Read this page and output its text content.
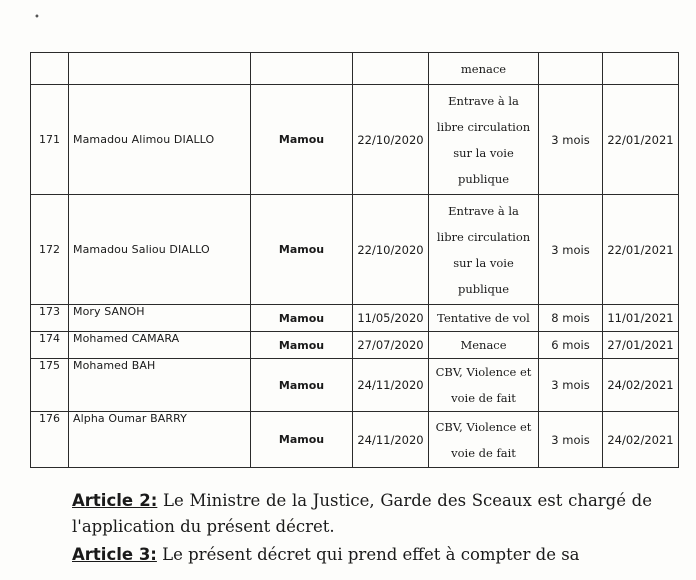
•
				menace		
171	Mamadou Alimou DIALLO	Mamou	22/10/2020	Entrave à la libre circulation sur la voie publique	3 mois	22/01/2021
172	Mamadou Saliou DIALLO	Mamou	22/10/2020	Entrave à la libre circulation sur la voie publique	3 mois	22/01/2021
173	Mory SANOH	Mamou	11/05/2020	Tentative de vol	8 mois	11/01/2021
174	Mohamed CAMARA	Mamou	27/07/2020	Menace	6 mois	27/01/2021
175	Mohamed BAH	Mamou	24/11/2020	CBV, Violence et voie de fait	3 mois	24/02/2021
176	Alpha Oumar BARRY	Mamou	24/11/2020	CBV, Violence et voie de fait	3 mois	24/02/2021

Article 2: Le Ministre de la Justice, Garde des Sceaux est chargé de l'application du présent décret.

Article 3: Le présent décret qui prend effet à compter de sa
